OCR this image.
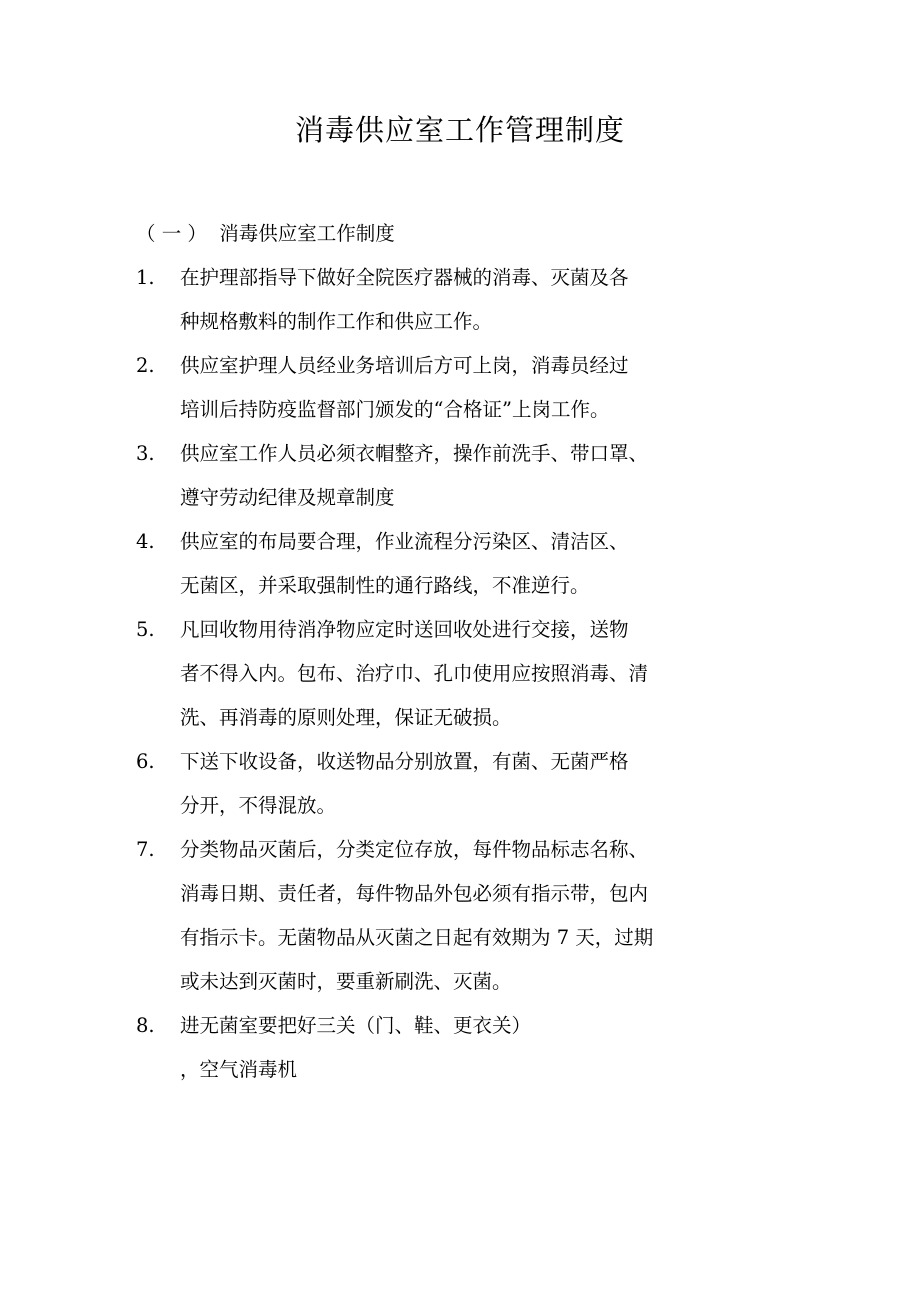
消毒供应室工作管理制度
（ 一 ）  消毒供应室工作制度
1.	在护理部指导下做好全院医疗器械的消毒、灭菌及各
种规格敷料的制作工作和供应工作。
2.	供应室护理人员经业务培训后方可上岗，消毒员经过
培训后持防疫监督部门颁发的“合格证”上岗工作。
3.	供应室工作人员必须衣帽整齐，操作前洗手、带口罩、
遵守劳动纪律及规章制度
4.	供应室的布局要合理，作业流程分污染区、清洁区、
无菌区，并采取强制性的通行路线，不准逆行。
5.	凡回收物用待消净物应定时送回收处进行交接，送物
者不得入内。包布、治疗巾、孔巾使用应按照消毒、清
洗、再消毒的原则处理，保证无破损。
6.	下送下收设备，收送物品分别放置，有菌、无菌严格
分开，不得混放。
7.	分类物品灭菌后，分类定位存放，每件物品标志名称、
消毒日期、责任者，每件物品外包必须有指示带，包内
有指示卡。无菌物品从灭菌之日起有效期为 7 天，过期
或未达到灭菌时，要重新刷洗、灭菌。
8.	进无菌室要把好三关（门、鞋、更衣关）
，空气消毒机
